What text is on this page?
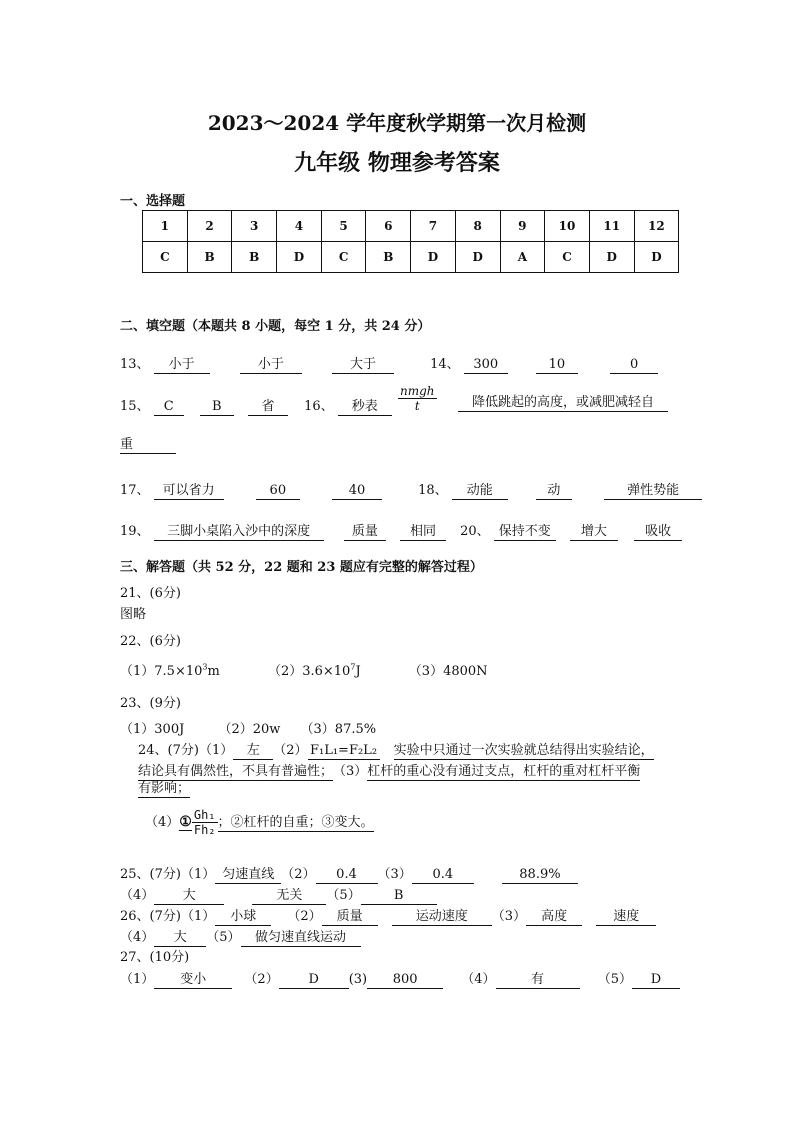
2023～2024 学年度秋学期第一次月检测
九年级 物理参考答案
一、选择题
1	2	3	4	5	6	7	8	9	10	11	12
C	B	B	D	C	B	D	D	A	C	D	D
二、填空题（本题共 8 小题，每空 1 分，共 24 分）
13、 小于	小于	大于	14、 300	10	0
15、 C	B	省 16、 秒表
nmgh
t	降低跳起的高度，或减肥减轻自
重
17、 可以省力	60	40	18、 动能	动	弹性势能
19、 三脚小桌陷入沙中的深度	质量 相同 20、 保持不变 增大	吸收
三、解答题（共 52 分，22 题和 23 题应有完整的解答过程）
21、(6分)
图略
22、(6分)
$(1)7.5\times 10^3m$	$(2)3.6\times 10^7J$	（3）4800N
23、(9分)
（1）300J	（2）20w （3）87.5%
24、(7分)（1） 左 （2） F₁L₁=F₂L₂ 实验中只通过一次实验就总结得出实验结论，
结论具有偶然性，不具有普遍性；（3）杠杆的重心没有通过支点，杠杆的重对杠杆平衡
有影响；
（4）① $\frac{\text{Gh₁}}{\text{Fh₂}}$ ；②杠杆的自重；③变大。
25、(7分)（1） 匀速直线 （2） 0.4 （3） 0.4	88.9%
（4） 大	无关 （5）	B
26、(7分)（1） 小球 （2） 质量	运动速度 （3） 高度	速度
（4） 大 （5） 做匀速直线运动
27、(10分)
（1） 变小	（2） D (3) 800	（4）	有	（5） D
